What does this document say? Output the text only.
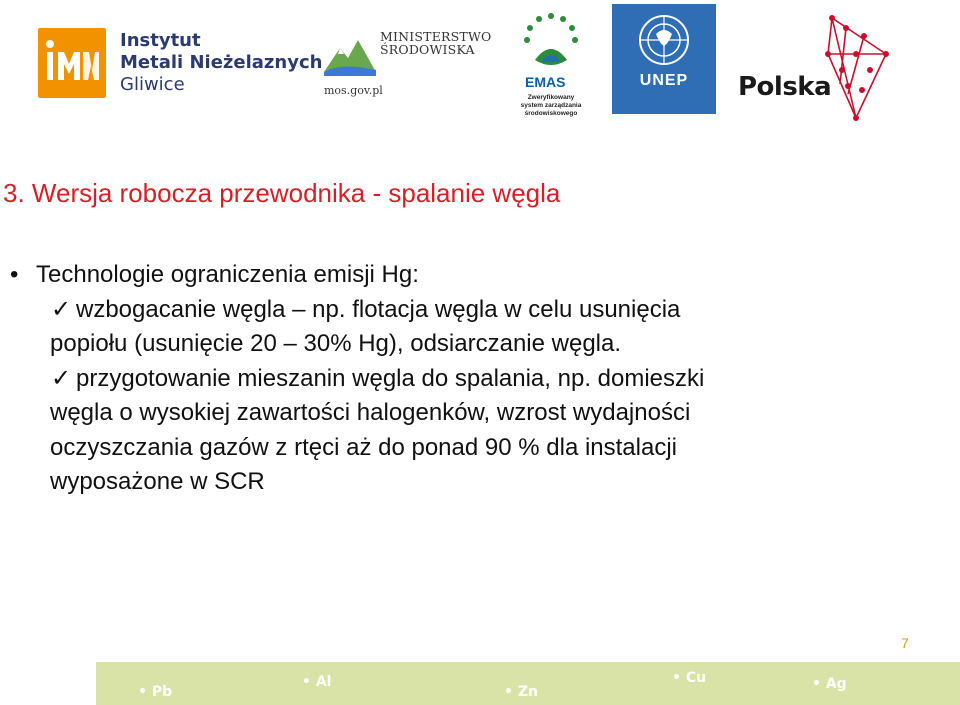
Instytut
Metali Nieżelaznych
Gliwice
MINISTERSTWO
ŚRODOWISKA
mos.gov.pl
EMAS
Zweryfikowany system zarządzania środowiskowego
UNEP	Polska
3. Wersja robocza przewodnika - spalanie węgla
• Technologie ograniczenia emisji Hg:
✓ wzbogacanie węgla – np. flotacja węgla w celu usunięcia
popiołu (usunięcie 20 – 30% Hg), odsiarczanie węgla.
✓ przygotowanie mieszanin węgla do spalania, np. domieszki
węgla o wysokiej zawartości halogenków, wzrost wydajności
oczyszczania gazów z rtęci aż do ponad 90 % dla instalacji
wyposażone w SCR
7
• Pb
• Al
• Zn
• Cu	• Ag
